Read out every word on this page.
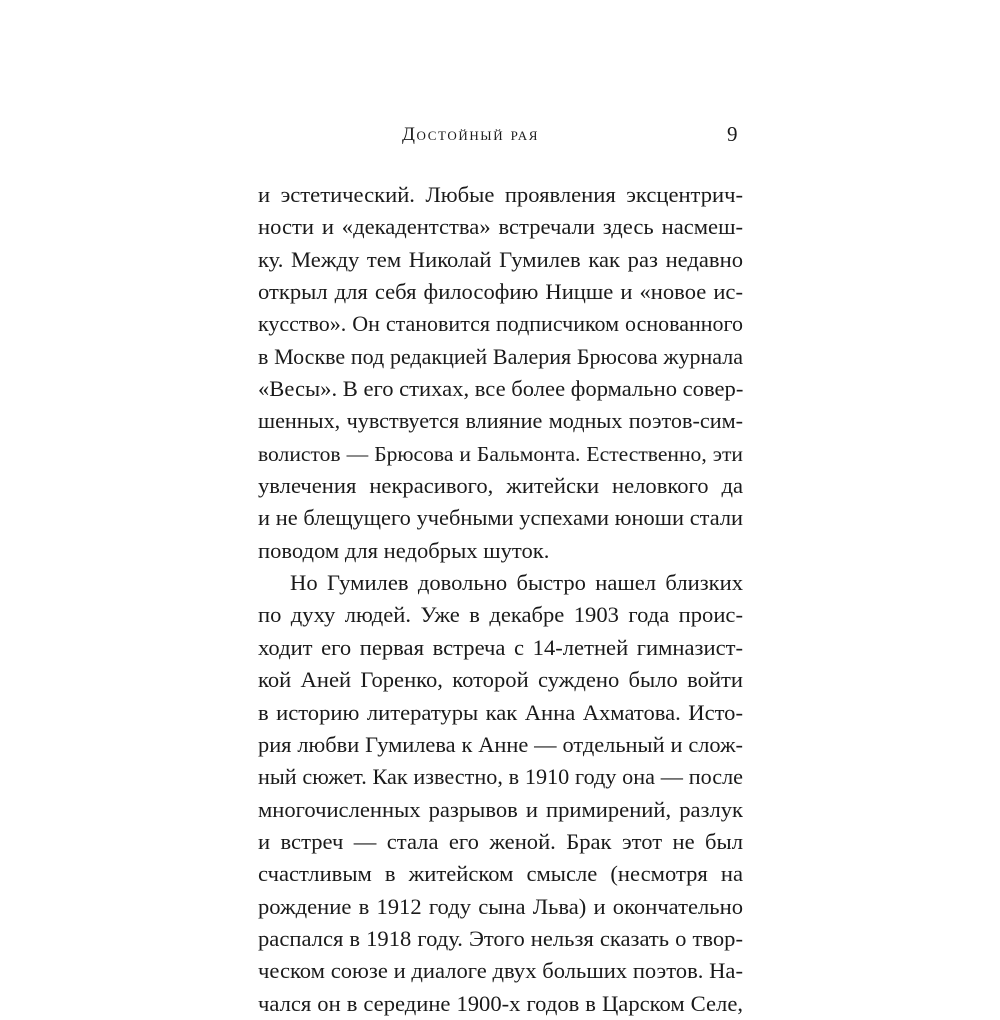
Достойный рая	9
и эстетический. Любые проявления эксцентрич-
ности и «декадентства» встречали здесь насмеш-
ку. Между тем Николай Гумилев как раз недавно
открыл для себя философию Ницше и «новое ис-
кусство». Он становится подписчиком основанного
в Москве под редакцией Валерия Брюсова журнала
«Весы». В его стихах, все более формально совер-
шенных, чувствуется влияние модных поэтов-сим-
волистов — Брюсова и Бальмонта. Естественно, эти
увлечения некрасивого, житейски неловкого да
и не блещущего учебными успехами юноши стали
поводом для недобрых шуток.
Но Гумилев довольно быстро нашел близких
по духу людей. Уже в декабре 1903 года проис-
ходит его первая встреча с 14-летней гимназист-
кой Аней Горенко, которой суждено было войти
в историю литературы как Анна Ахматова. Исто-
рия любви Гумилева к Анне — отдельный и слож-
ный сюжет. Как известно, в 1910 году она — после
многочисленных разрывов и примирений, разлук
и встреч — стала его женой. Брак этот не был
счастливым в житейском смысле (несмотря на
рождение в 1912 году сына Льва) и окончательно
распался в 1918 году. Этого нельзя сказать о твор-
ческом союзе и диалоге двух больших поэтов. На-
чался он в середине 1900-х годов в Царском Селе,
